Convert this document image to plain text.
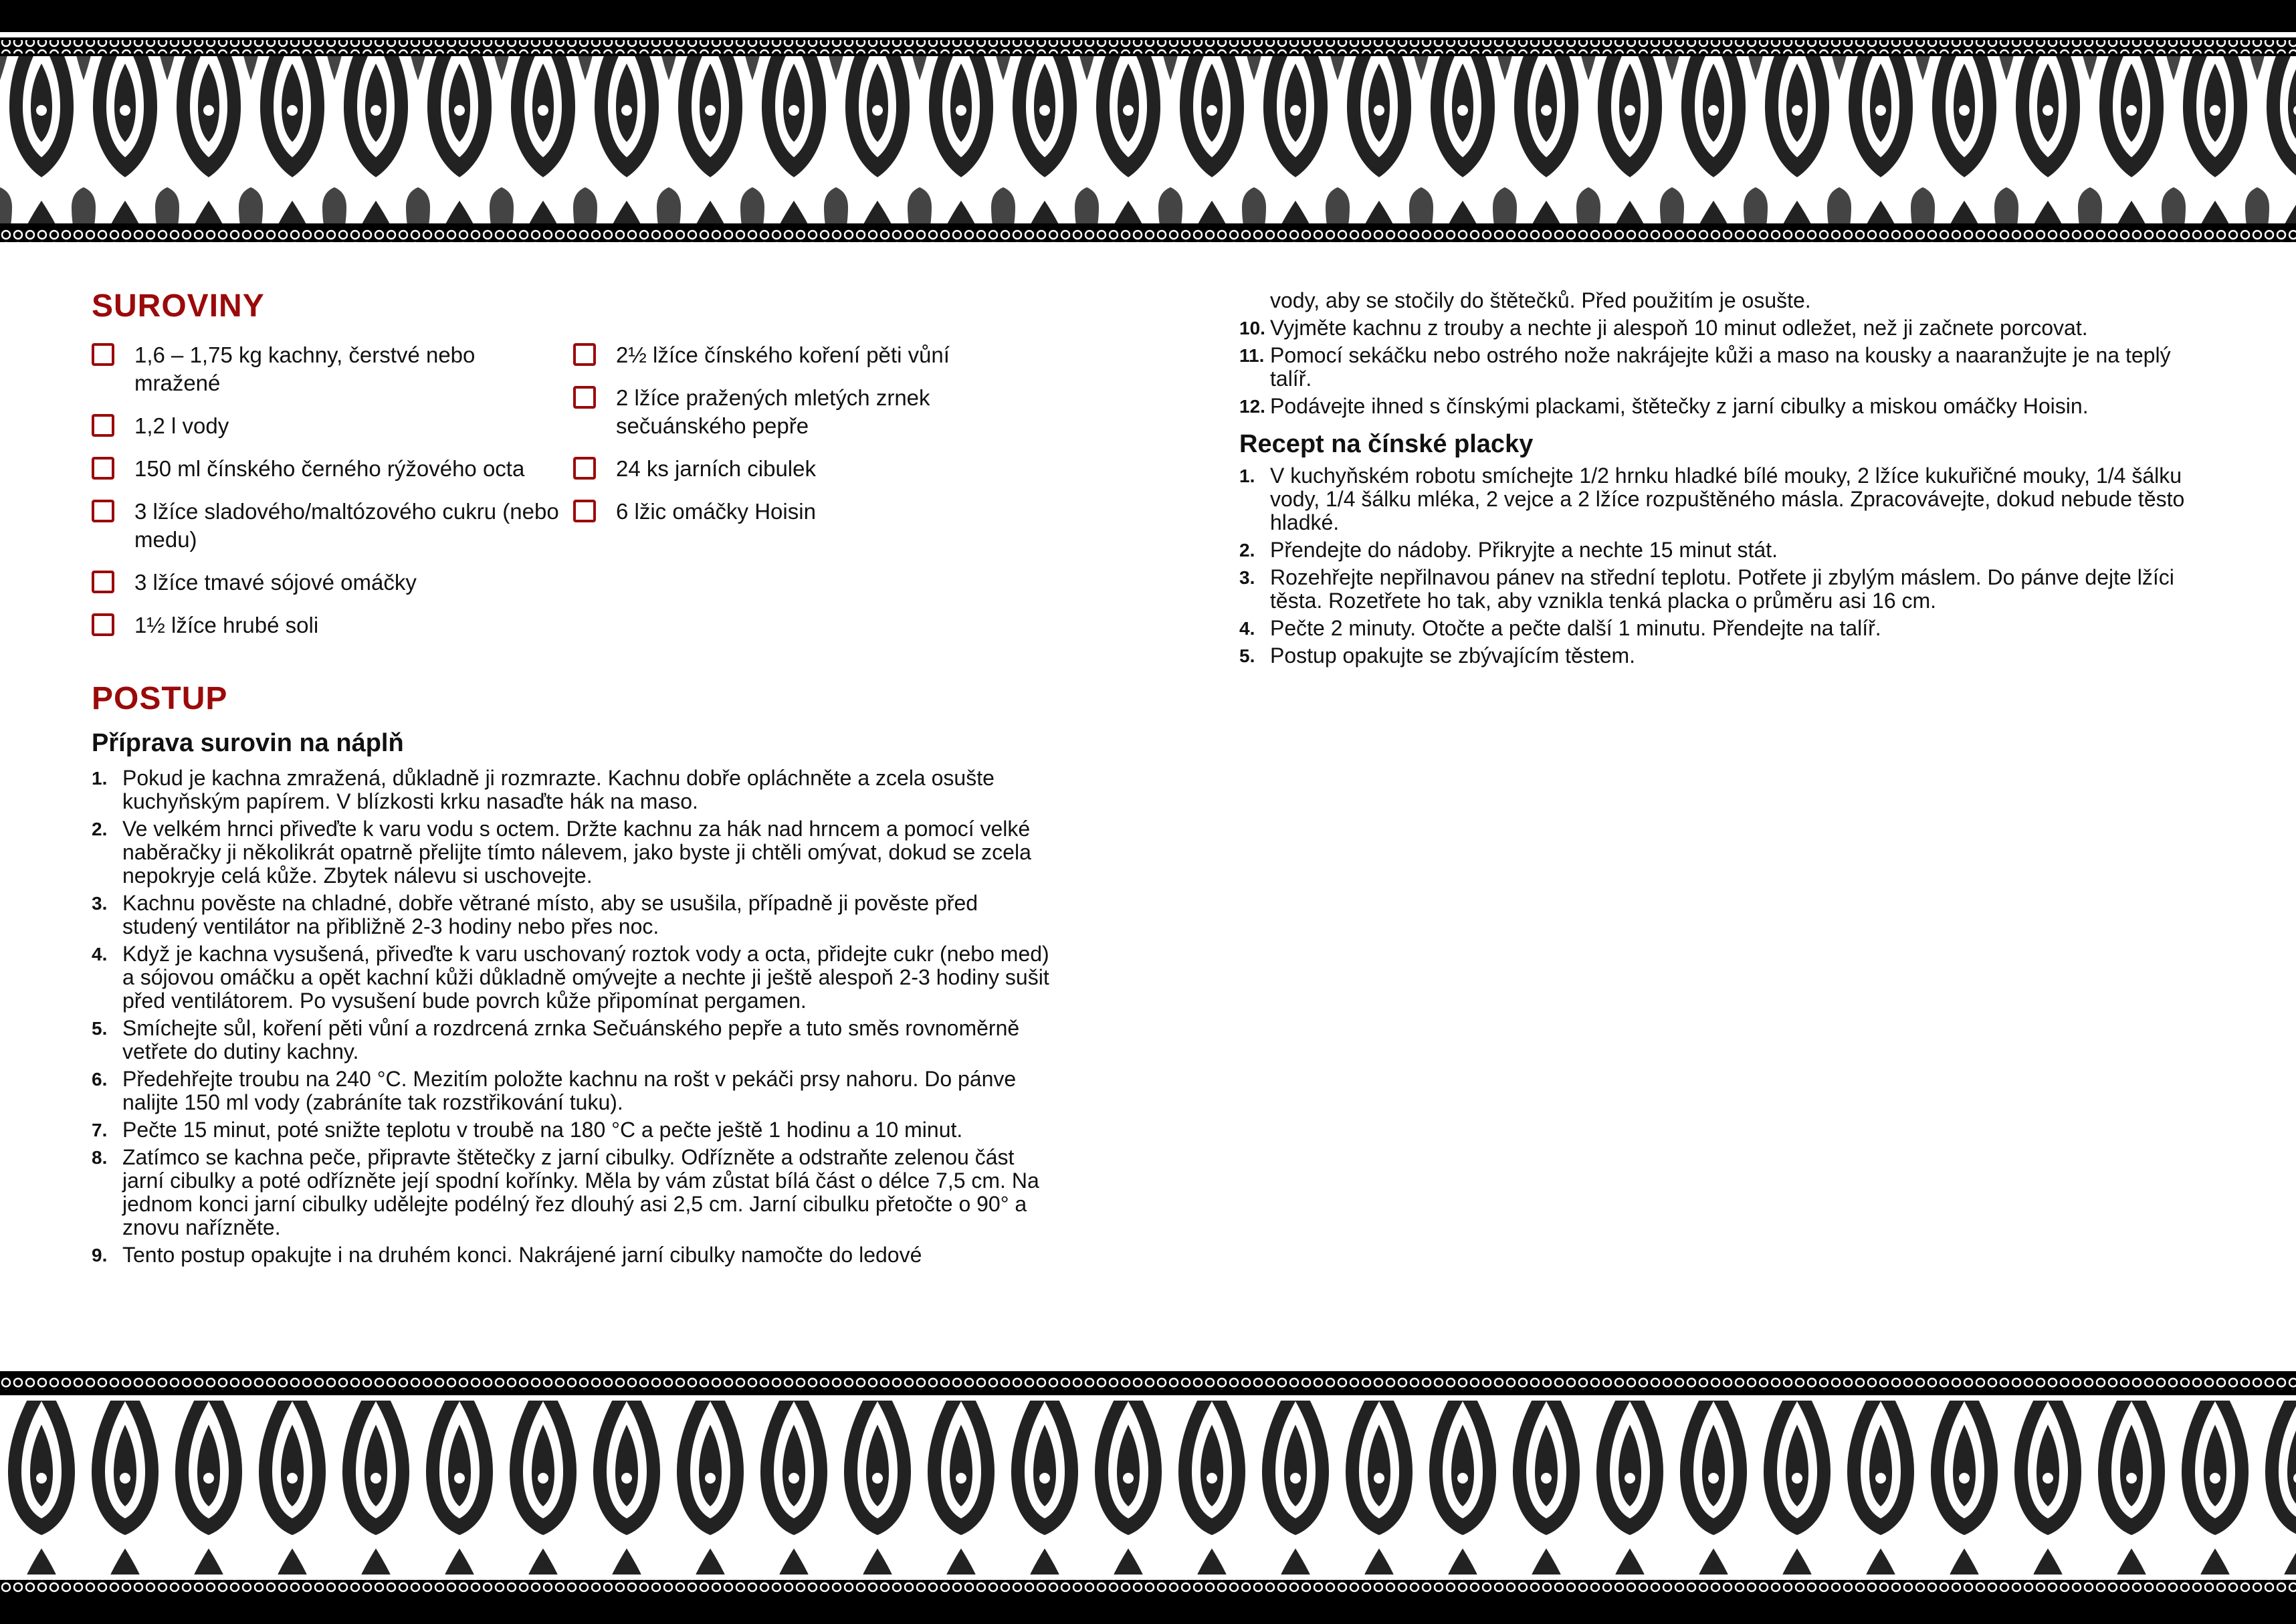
SUROVINY
1,6 – 1,75 kg kachny, čerstvé nebo mražené
1,2 l vody
150 ml čínského černého rýžového octa
3 lžíce sladového/maltózového cukru (nebo medu)
3 lžíce tmavé sójové omáčky
1½ lžíce hrubé soli
2½ lžíce čínského koření pěti vůní
2 lžíce pražených mletých zrnek sečuánského pepře
24 ks jarních cibulek
6 lžic omáčky Hoisin
POSTUP
Příprava surovin na náplň
1. Pokud je kachna zmražená, důkladně ji rozmrazte. Kachnu dobře opláchněte a zcela osušte kuchyňským papírem. V blízkosti krku nasaďte hák na maso.
2. Ve velkém hrnci přiveďte k varu vodu s octem. Držte kachnu za hák nad hrncem a pomocí velké naběračky ji několikrát opatrně přelijte tímto nálevem, jako byste ji chtěli omývat, dokud se zcela nepokryje celá kůže. Zbytek nálevu si uschovejte.
3. Kachnu pověste na chladné, dobře větrané místo, aby se usušila, případně ji pověste před studený ventilátor na přibližně 2-3 hodiny nebo přes noc.
4. Když je kachna vysušená, přiveďte k varu uschovaný roztok vody a octa, přidejte cukr (nebo med) a sójovou omáčku a opět kachní kůži důkladně omývejte a nechte ji ještě alespoň 2-3 hodiny sušit před ventilátorem. Po vysušení bude povrch kůže připomínat pergamen.
5. Smíchejte sůl, koření pěti vůní a rozdrcená zrnka Sečuánského pepře a tuto směs rovnoměrně vetřete do dutiny kachny.
6. Předehřejte troubu na 240 °C. Mezitím položte kachnu na rošt v pekáči prsy nahoru. Do pánve nalijte 150 ml vody (zabráníte tak rozstřikování tuku).
7. Pečte 15 minut, poté snižte teplotu v troubě na 180 °C a pečte ještě 1 hodinu a 10 minut.
8. Zatímco se kachna peče, připravte štětečky z jarní cibulky. Odřízněte a odstraňte zelenou část jarní cibulky a poté odřízněte její spodní kořínky. Měla by vám zůstat bílá část o délce 7,5 cm. Na jednom konci jarní cibulky udělejte podélný řez dlouhý asi 2,5 cm. Jarní cibulku přetočte o 90° a znovu nařízněte.
9. Tento postup opakujte i na druhém konci. Nakrájené jarní cibulky namočte do ledové
vody, aby se stočily do štětečků. Před použitím je osušte.
10. Vyjměte kachnu z trouby a nechte ji alespoň 10 minut odležet, než ji začnete porcovat.
11. Pomocí sekáčku nebo ostrého nože nakrájejte kůži a maso na kousky a naaranžujte je na teplý talíř.
12. Podávejte ihned s čínskými plackami, štětečky z jarní cibulky a miskou omáčky Hoisin.
Recept na čínské placky
1. V kuchyňském robotu smíchejte 1/2 hrnku hladké bílé mouky, 2 lžíce kukuřičné mouky, 1/4 šálku vody, 1/4 šálku mléka, 2 vejce a 2 lžíce rozpuštěného másla. Zpracovávejte, dokud nebude těsto hladké.
2. Přendejte do nádoby. Přikryjte a nechte 15 minut stát.
3. Rozehřejte nepřilnavou pánev na střední teplotu. Potřete ji zbylým máslem. Do pánve dejte lžíci těsta. Rozetřete ho tak, aby vznikla tenká placka o průměru asi 16 cm.
4. Pečte 2 minuty. Otočte a pečte další 1 minutu. Přendejte na talíř.
5. Postup opakujte se zbývajícím těstem.
